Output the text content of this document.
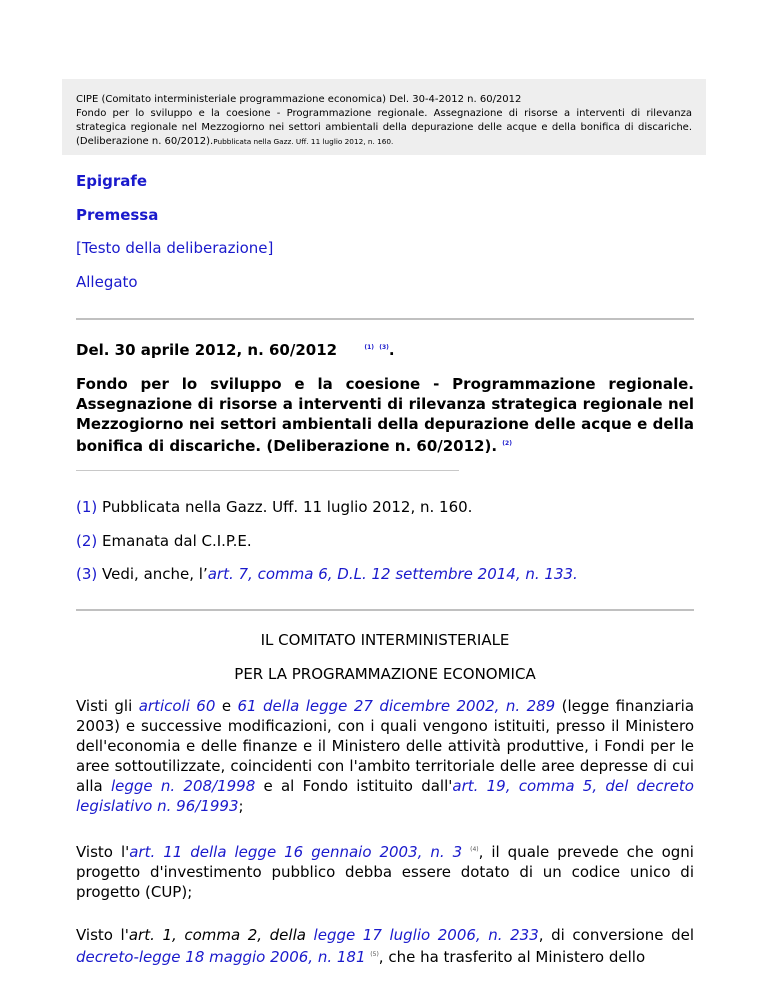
CIPE (Comitato interministeriale programmazione economica) Del. 30-4-2012 n. 60/2012
Fondo per lo sviluppo e la coesione - Programmazione regionale. Assegnazione di risorse a interventi di rilevanza strategica regionale nel Mezzogiorno nei settori ambientali della depurazione delle acque e della bonifica di discariche. (Deliberazione n. 60/2012).Pubblicata nella Gazz. Uff. 11 luglio 2012, n. 160.
Epigrafe
Premessa
[Testo della deliberazione]
Allegato
Del. 30 aprile 2012, n. 60/2012	$^{(1)}$ $^{(3)}$.
Fondo per lo sviluppo e la coesione - Programmazione regionale. Assegnazione di risorse a interventi di rilevanza strategica regionale nel Mezzogiorno nei settori ambientali della depurazione delle acque e della bonifica di discariche. (Deliberazione n. 60/2012). $^{(2)}$
(1) Pubblicata nella Gazz. Uff. 11 luglio 2012, n. 160.
(2) Emanata dal C.I.P.E.
(3) Vedi, anche, l’art. 7, comma 6, D.L. 12 settembre 2014, n. 133.
IL COMITATO INTERMINISTERIALE
PER LA PROGRAMMAZIONE ECONOMICA
Visti gli articoli 60 e 61 della legge 27 dicembre 2002, n. 289 (legge finanziaria 2003) e successive modificazioni, con i quali vengono istituiti, presso il Ministero dell'economia e delle finanze e il Ministero delle attività produttive, i Fondi per le aree sottoutilizzate, coincidenti con l'ambito territoriale delle aree depresse di cui alla legge n. 208/1998 e al Fondo istituito dall'art. 19, comma 5, del decreto legislativo n. 96/1993;
Visto l'art. 11 della legge 16 gennaio 2003, n. 3 $^{(4)}$, il quale prevede che ogni progetto d'investimento pubblico debba essere dotato di un codice unico di progetto (CUP);
Visto l'art. 1, comma 2, della legge 17 luglio 2006, n. 233, di conversione del decreto-legge 18 maggio 2006, n. 181 $^{(5)}$, che ha trasferito al Ministero dello
